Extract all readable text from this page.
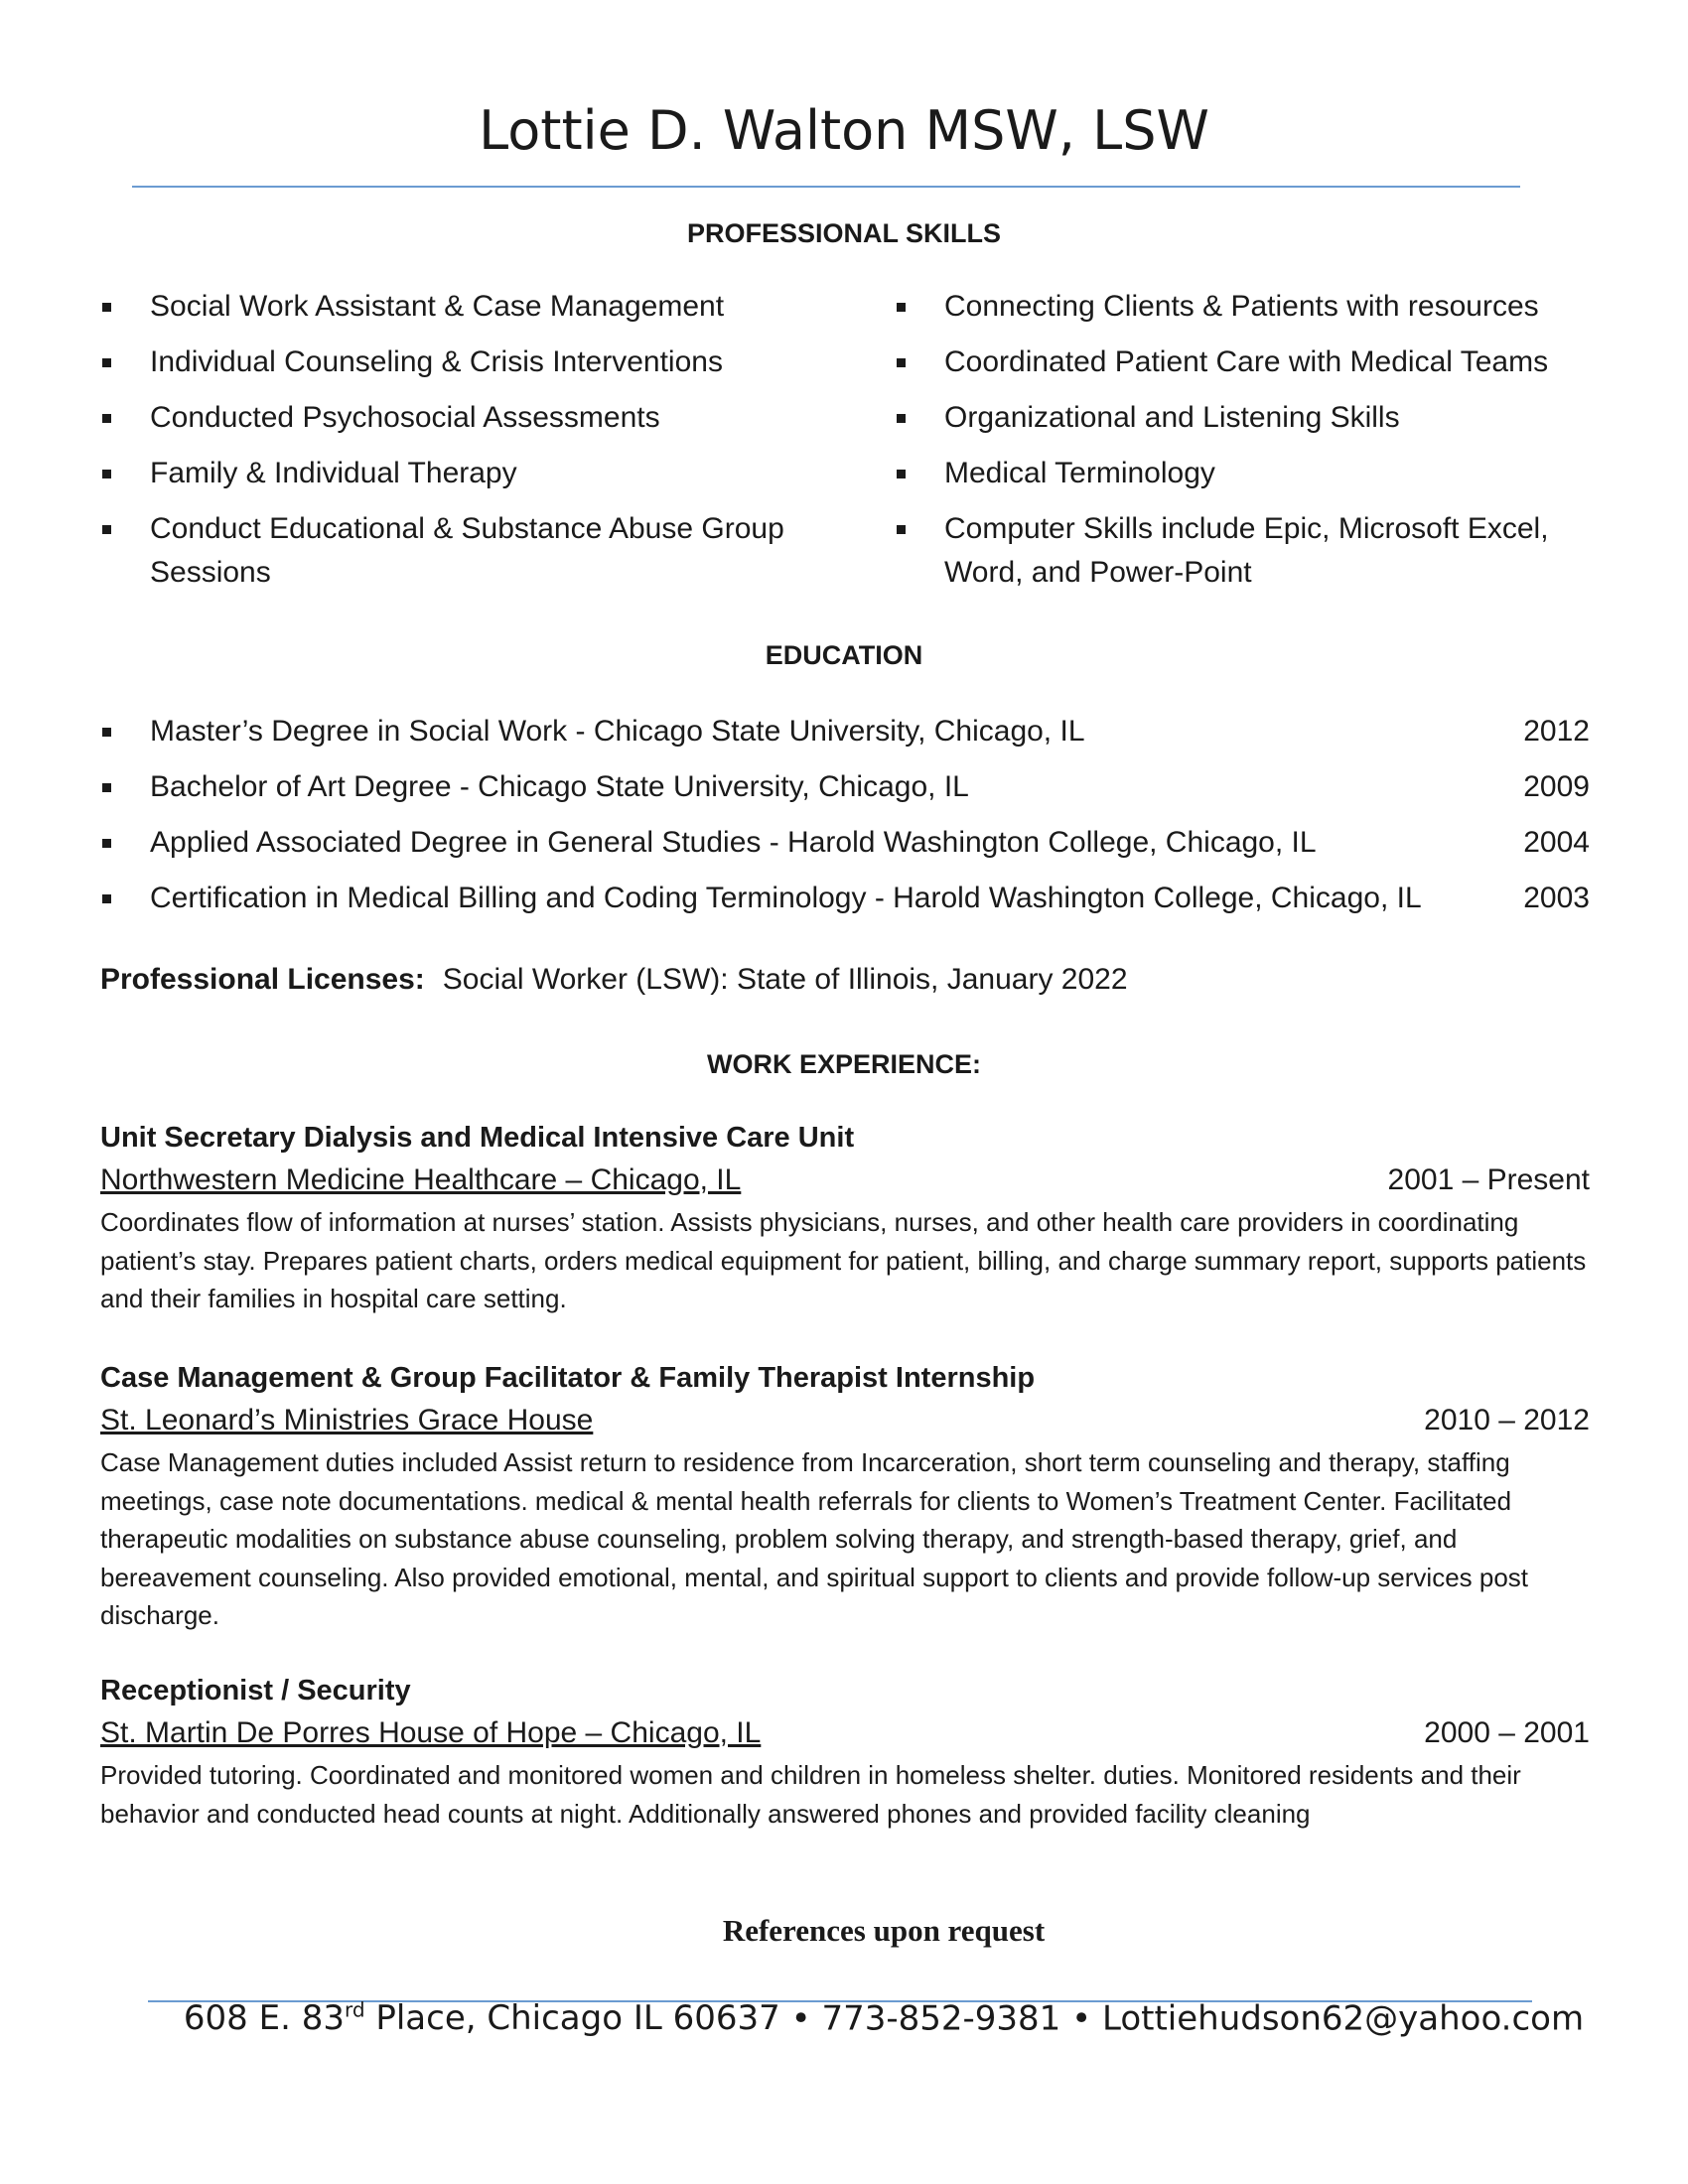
Lottie D. Walton MSW, LSW
PROFESSIONAL SKILLS
Social Work Assistant & Case Management
Individual Counseling & Crisis Interventions
Conducted Psychosocial Assessments
Family & Individual Therapy
Conduct Educational & Substance Abuse Group Sessions
Connecting Clients & Patients with resources
Coordinated Patient Care with Medical Teams
Organizational and Listening Skills
Medical Terminology
Computer Skills include Epic, Microsoft Excel, Word, and Power-Point
EDUCATION
Master’s Degree in Social Work - Chicago State University, Chicago, IL	2012
Bachelor of Art Degree - Chicago State University, Chicago, IL	2009
Applied Associated Degree in General Studies - Harold Washington College, Chicago, IL	2004
Certification in Medical Billing and Coding Terminology - Harold Washington College, Chicago, IL	2003
Professional Licenses: Social Worker (LSW): State of Illinois, January 2022
WORK EXPERIENCE:

Unit Secretary Dialysis and Medical Intensive Care Unit

Northwestern Medicine Healthcare – Chicago, IL	2001 – Present

Coordinates flow of information at nurses’ station. Assists physicians, nurses, and other health care providers in coordinating patient’s stay. Prepares patient charts, orders medical equipment for patient, billing, and charge summary report, supports patients and their families in hospital care setting.

Case Management & Group Facilitator & Family Therapist Internship

St. Leonard’s Ministries Grace House	2010 – 2012

Case Management duties included Assist return to residence from Incarceration, short term counseling and therapy, staffing meetings, case note documentations. medical & mental health referrals for clients to Women’s Treatment Center. Facilitated therapeutic modalities on substance abuse counseling, problem solving therapy, and strength-based therapy, grief, and bereavement counseling. Also provided emotional, mental, and spiritual support to clients and provide follow-up services post discharge.

Receptionist / Security

St. Martin De Porres House of Hope – Chicago, IL	2000 – 2001

Provided tutoring. Coordinated and monitored women and children in homeless shelter. duties. Monitored residents and their behavior and conducted head counts at night. Additionally answered phones and provided facility cleaning

References upon request

608 E. 83rd Place, Chicago IL 60637 • 773-852-9381 • Lottiehudson62@yahoo.com
